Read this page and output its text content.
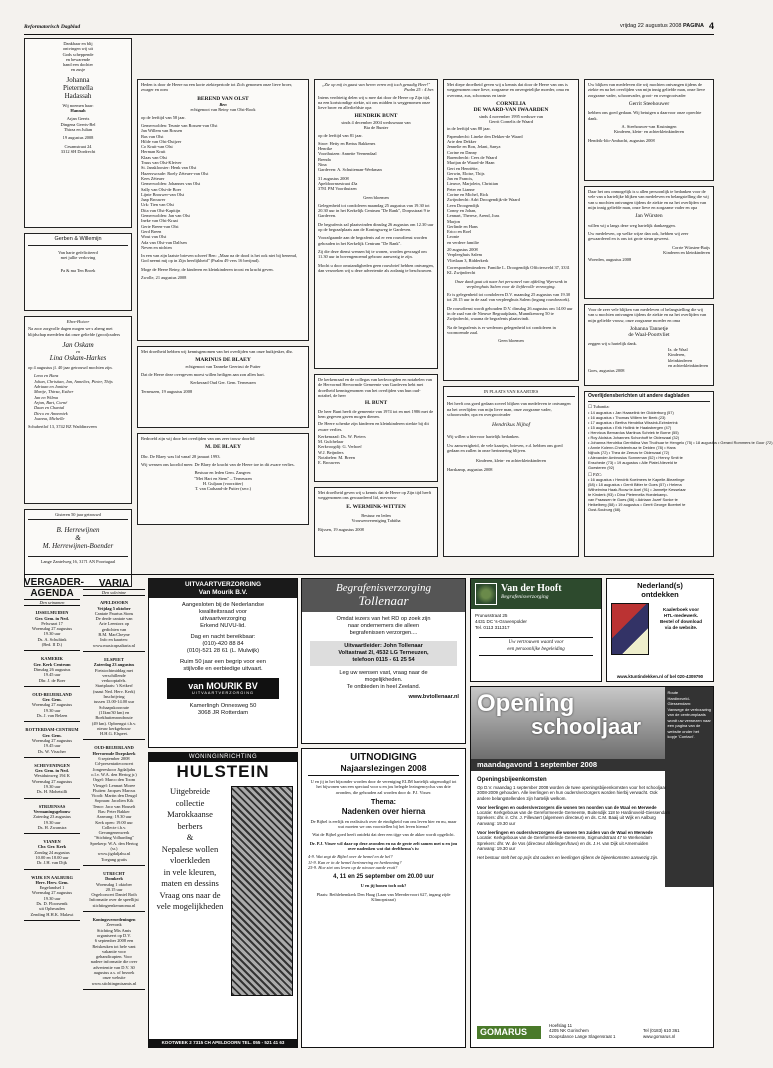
Reformatorisch Dagblad	vrijdag 22 augustus 2008 PAGINA 4
Dankbaar en blij
ontvingen wij uit
Gods scheppende
en bewarende
hand een dochter
en zusje
Johanna
Pieternella
Hadassah
Wij noemen haar:
Hannah
Arjan Geerts
Dingena Geerts-Bel
Thirza en Julian
19 augustus 2008
Cesamstraat 24
3312 SH Dordrecht
Gerben & Willemijn
Van harte gefeliciteerd
met jullie verloving
Pa & ma Ten Broek
Ebex-Hoicer
Na zoor zorgvolle dagen mogen we s abeng met blijdschap meedelen dat onze geliefde (groot)ouders
Jan Oskam
en
Lina Oskam-Harkes
op 4 augustus jl. 40 jaar getrouwd mochten zijn.
Lena en Hans
Johan, Christian, Jan, Annelies, Pieter, Thijs
Adriaan en Jantine
Martje, Thirza, Esther
Jan en Wilma
Arjan, Bart, Corné
Daan en Chantal
Dirco en Annemiek
Joanna, Michelle
Schubertlof 13, 3742 BZ Waddinxveen
Gisteren 50 jaar getrouwd
B. Herrewijnen
&
M. Herrewijnen-Boender
Lange Zantelweg 16, 3171 AN Poortugaal
Heden is door de Heere na een korte ziekteperiode tot Zich genomen onze lieve broer, zwager en oom
BEREND VAN OLST
Ben
echtgenoot van Reiny van Olst-Rook
op de leeftijd van 58 jaar.
Gemerwolden: Teunie van Rossen-van Olst
Jan Willem van Rossen
Bas van Olst
Hilde van Olst-Duijzer
Co Kruit-van Olst
Herman Kruit
Klaas van Olst
Truus van Olst-Kleiver
St. Jansklooster: Henk van Olst
Hazerswoude: Roely Zéteuer-van Olst
Kees Zéteuer
Gemerwolden: Johannes van Olst
Sally van Olst-de Boer
Lijnte Brouwer-van Olst
Jaap Brouwer
Urk: Tien van Olst
Dita van Olst-Kapitijn
Gemerwolden: Jan van Olst
Ineke van Olst-Kraai
Gerie Breen-van Olst
Gerd Breen
Wout van Olst
Ada van Olst-van Dalfsen
Neven en nichten
In een van zijn laatste brieven schreef Ben: „Maar na de dood is het ook niet bij benemd, God neemt mij op in Zijn heerlijkheid" (Psalm 49 vers 16 berijmd).
Moge de Heere Reiny, de kinderen en kleinkinderen troost en kracht geven.
Zwolle, 21 augustus 2008
Met droefheid hebben wij kennisgenomen van het overlijden van onze buikjesker, dhr.
MARINUS DE BLAEY
echtgenoot van Tanneke Geertrui de Putter
Dat de Heere deze overgeven moest willen heiligen aan zon allen hart.
Kerkeraad Oud Ger. Gem. Terneuzen
Terneuzen, 19 augustus 2008
Bedroefd zijn wij door het overlijden van ons zeer trouw doorlid
M. DE BLAEY
Dhr. De Blaey was lid vanaf 28 januari 1993.
Wij wensen ons koorlid meer. De Blaey de kracht van de Heere toe in dit zware verlies.
Bestuur en leden Gem. Zangver.
"Met Hart en Stem" – Terneuzen
H. Guljaan (voorzitter)
T. van Cadsand-de Putter (secr.)
„Zie op mij in gaast van heren veren mij toch genadig Heer!"
Psalm 25 : 4 ber.
Intens verdrietig delen wij u mee dat door de Heere op Zijn tijd, na een kortstondige ziekte, uit ons midden is weggenomen onze lieve broer en allerliefdste opa
HENDRIK BUNT
sinds 4 december 2004 weduwnaar van
Bia de Bunter
op de leeftijd van 81 jaar.
Stroe: Hetty en Bertus Bakkenes
Henrike
Voorthuizen: Annette Veenendaal
Brenda
Nina
Gardeven: A. Schuiteman-Werkman
31 augustus 2008
Apeldoornsestraat 43a
3781 PM Voorthuizen
Geen bloemen
Gelegenheid tot condoleren maandag 25 augustus van 19.30 tot 20.30 uur in het Kerkelijk Centrum "De Rank", Dorpsstraat 9 te Gardeven.
De begrafenis zal plaatsvinden dinsdag 26 augustus om 12.30 uur op de begraafplaats aan de Koningsweg te Gardeven.
Voorafgaande aan de begrafenis zal er een rouwdienst worden gehouden in het Kerkelijk Centrum "De Rank".
Zij die deze dienst wensen bij te wonen, worden gevraagd om 11.30 uur in bovengenoemd gebouw aanwezig te zijn.
Mocht u door omstandigheden geen rouwbrief hebben ontvangen, dan verzoeken wij u deze advertentie als zodanig te beschouwen.
De kerkenraad en de collegas van kerkvoogden en notabelen van de Hervormd Hervormde Gemeente van Gardeven hebt met droefheid kennisgenomen van het overlijden van hun oud-notabel, de heer
H. BUNT
De heer Bunt heeft de gemeente van 1974 tot en met 1986 met de hem gegeven gaven mogen dienen.
De Heere schenke zijn kinderen en kleinkinderen sterkte bij dit zware verlies.
Kerkenraad: Ds. W. Pieters
M. Gulchelaar
Kerkvoogdij: G. Verhoef
W.J. Beijnders
Notabelen: M. Breen
E. Brouwers
Met droefheid geven wij u kennis dat de Heere op Zijn tijd heeft weggenomen ons gewaardeerd lid, mevrouw
E. WERMINK-WITTEN
Bestuur en leden
Vrouwenvereniging Tabitha
Rijssen, 19 augustus 2008
Met diepe droefheid geven wij u kennis dat door de Heere van ons is weggenomen onze lieve, zorgzame en onvergetelijke moeder, oma en overoma, zus, schoonzus en tante
CORNELIA
DE WAARD-VAN IWAARDEN
sinds 4 november 1995 weduwe van
Gerrit Cornelis de Waard
in de leeftijd van 88 jaar.
Papendrecht: Lineke den Dekker-de Waard
Arie den Dekker
Jennelie en Ron, Jelani, Sanya
Corine en Danny
Barendrecht: Cees de Waard
Marijan de Waard-de Haan
Gert en Henriëtte,
Gerwin, Eloise, Thijs
Jan en Francis,
Lieuwe, Marjolein, Christian
Peter en Lianne
Corine en Michel, Rick
Zwijndrecht: Adri Droogendijk-de Waard
Leen Droogendijk
Conny en Johan,
Lennart, Therese, Arend, Joas
Marjon
Gerlinde en Hans
Erico en Roel
Leonie
en verdere familie
20 augustus 2008
Verpleeghuis Salem
Vlietlaan 3, Ridderkerk
Correspondentieadres: Familie L. Droogendijk Officiersveld 37, 3331 KL Zwijndrecht
Onze dank gaat uit naar het personeel van afdeling Wyersenk in verpleeghuis Salem voor de liefdevolle verzorging.
Er is gelegenheid tot condoleren D.V. maandag 25 augustus van 19.30 tot 20.15 uur in de zaal van verpleeghuis Salem (ingang rouwbezoek).
De rouwdienst wordt gehouden D.V. dinsdag 26 augustus om 14.00 uur in de zaal van de Nieuwe Begraafplaats, Munnikenweg 50 te Zwijndrecht, waarna de begrafenis plaatsvindt.
Na de begrafenis is er wederom gelegenheid tot condoleren in voornoemde zaal.
Geen bloemen
IN PLAATS VAN KAARTJES
Het heeft ons goed gedaan zoveel blijken van medeleven te ontvangen na het overlijden van mijn lieve man, onze zorgzame vader, schoonvader, opa en overgrootvader
Hendrikus Nijhof
Wij willen u hiervoor hartelijk bedanken.
Uw aanwezigheid, de vele kaartjes, brieven, e.d. hebben ons goed gedaan en zullen in onze herinnering blijven.
Kinderen, klein- en achterkleinkinderen
Harskamp, augustus 2008
Uw blijken van medeleven die wij mochten ontvangen tijdens de ziekte en na het overlijden van mijn innig geliefde man, onze lieve zorgzame vader, schoonvader, groot- en overgrootvader
Gerrit Steehouwer
hebben ons goed gedaan. Wij betuigen u daarvoor onze oprechte dank.
A. Steehouwer-van Kruiningen
Kinderen, klein- en achterkleinkinderen
Hendrik-Ido-Ambacht, augustus 2008
Daar het ons onmogelijk is u allen persoonlijk te bedanken voor de vele van u hartelijke blijken van medeleven en belangstelling die wij van u mochten ontvangen tijdens de ziekte en na het overlijden van mijn innig geliefde man, onze lieve en zorgzame vader en opa
Jan Würsten
willen wij u langs deze weg hartelijk dankzeggen.
Uw medeleven, op welke wijze dan ook, hebben wij zeer gewaardeerd en is ons tot grote steun geweest.
Corrie Würsten-Buijs
Kinderen en kleinkinderen
Woerden, augustus 2008
Voor de zeer vele blijken van medeleven of belangstelling die wij van u mochten ontvangen tijdens de ziekte en na het overlijden van mijn geliefde vrouw, onze zorgzame moeder en oma
Johanna Tannetje
de Waal-Poortvliet
zeggen wij u hartelijk dank.
Iz. de Waal
Kinderen,
kleinkinderen
en achterkleinkinderen
Goes, augustus 2008
Overlijdensberichten uit andere dagbladen
☐ Tubantia:
• 14 augustus • Jan Haaselink ter Gidderburg (57)
• 16 augustus • Thomas Willem ter Beek (23)
• 17 augustus • Bertha Hendrika Wissink-Ezbrderink
• 15 augustus • Erik Hollink te Haaksbergen (47)
• Henricus Bernardus Martinus Schriek te Borne (55)
• Roy Aloisius Johannes Schonhoff te Oldenzaal (32)
• Johanna Hendrika Gerritdina Van Tholhuar te Hengelo (75) • 18 augustus • Gerard Rommers te Goor (72)
• Annie Kolenn-Christenhusz te Delden (78) • Hans
Nijhuis (72) • Thea de Zeeuw te Oldenzaal (72)
• Alexander Ambrosius Sonneman (52) • Henny Smit te
Enschede (73) • 19 augustus • Alle Platel-Nieveld te
Goesteren (92)
☐ PZC:
• 16 augustus • Hendrik Koelmees te Kapelle-Biezelinge
(58) • 18 augustus • Gerrit Bitter te Goes (57) • Helena
Wilhelmina Haak-Roow te Axel (91) • Jannetje Kesselaar
te Kinderk (93) • Dina Pieternella Hoedekamp-
van Fraassen te Goes (86) • Adriaan Jozef Sonke te
Heikelberg (58) • 19 augustus • Gerrit George Boerbel te
Oost-Souburg (68).
VERGADER-
AGENDA
Den seinamen
IJSSELMUIDEN
Ger. Gem. in Ned.
Pelsvaart 17
Woensdag 27 augustus
19.30 uur
Ds. A. Schultink
(Bed. II D.)
KAMERIK
Ger. Kerk Centrum
Dinsdag 26 augustus
19.45 uur
Dhr. J. de Boer
OUD-BEIJERLAND
Ger. Gem.
Woensdag 27 augustus
19.30 uur
Ds. J. van Belzen
ROTTERDAM-CENTRUM
Ger. Gem.
Woensdag 27 augustus
19.45 uur
Ds. W. Visscher
SCHEVENINGEN
Ger. Gem. in Ned.
Westduinweg 194 K
Woensdag 27 augustus
19.30 uur
Ds. H. Mohetsilli
STRIJENSAS
Vermaningsgebouw
Zaterdag 23 augustus
19.30 uur
Ds. H. Zwanstra
VIANEN
Chr. Ger. Kerk
Zondag 24 augustus
10.00 en 18.00 uur
Dr. J.H. van Dijk
WIJK EN AALBURG
Herv. Herv. Gem.
Engelandsel 1
Woensdag 27 augustus
19.30 uur
Ds. D. Floorsentk
uit Opheusden
Zending H.H.K. Malawi
VARIA
Den soleinine
APELDOORN
Vrijdag 5 oktober
Cantate Paurtus Sions
De derde cantate van
Arie Leentorx op
gedichten van
B.M. MacCheyne
Info en kaarten:
www.musicapsaltaria.nl
ELSPEET
Zaterdag 23 augustus
Fietstochtmiddag met
verschillende
verkooptafels.
Startplaats: 't Keikerf
(naast Ned. Herv. Kerk)
Inschrijving
tussen 13.00-14.00 uur
Schaapskooroute
(11km/30 km) en
Boekhuttenrondroute
(49 km). Opbrengst t.b.v.
nieuw kerkgebouw
H.H.G. Elspeet.
OUD-BEIJERLAND
Hervormde Dorpskerk
6 september 2008
Cd-presentatieconcert
Jongereskoor Jigdaljahu
o.l.v. W.A. den Hertog jr.)
Orgel: Marco den Toom
Vleugel: Lennart Moree
Fluiten: Jacques Marcus
Vioolt: Martin den Deugd
Sopraan: Jacolien Kik
Tenor: Jaco van Houselt
Bas: Peter Bakker
Aanvang: 19.30 uur
Kerk open: 19.00 uur
Collecte t.b.v.
Gevangenenwerk
"Stichting Volharding"
Sprekerp: W.A. den Hertog
(sr.)
www.jigdaljahu.nl
Toegang gratis
UTRECHT
Domkerk
Woensdag 1 oktober
20.15 uur
Orgelconcert Daniel Roth
Informatie over de speellijst
stichtingrenkerunoma.nl
Koningsverordeningen
Zeevonk
Stichting Mis Amis
organiseert op D.V.
6 september 2008 een
Reiskeuken tot hele vant
vakantie voor
gehandicapten. Voor
nadere informatie die over
advertentie van D.V. 30
augustus a.s. of bezoek
onze website
www.stichtingmisamis.nl
UITVAARTVERZORGING
Van Mourik B.V.
Aangesloten bij de Nederlandse
kwaliteitsraad voor
uitvaartverzorging
Erkend NUVU-lid.
Dag en nacht bereikbaar:
(010)-420 88 84
(010)-521 28 61 (L. Mulwijk)
Ruim 50 jaar een begrip voor een
stijlvolle en eerbiedige uitvaart.
van MOURIK BV
UITVAARTVERZORGING
Kamerlingh Onnesweg 50
3068 JR Rotterdam
WONINGINRICHTING
HULSTEIN
Uitgebreide
collectie
Marokkaanse
berbers
&
Nepalese wollen
vloerkleden
in vele kleuren,
maten en dessins
Vraag ons naar de
vele mogelijkheden
KOOTWEEK 2 7315 CH APELDOORN TEL. 055 - 521 41 63
Begrafenisverzorging
Tollenaar
Omdat iezers van het RD op zoek zijn
naar ondernemers die alleen
begrafenissen verzorgen....
Uitvaartleider: John Tollenaar
Voltastraat 2l, 4532 LG Terneuzen,
telefoon 0115 - 61 25 54
Leg uw wensen vast, vraag naar de
mogelijkheden.
Te ontbieden in heel Zeeland.
www.bvtollenaar.nl
UITNODIGING
Najaarslezingen 2008
U en jij in het bijzonder worden door de vereniging ELIM hartelijk uitgenodigd tot het bijwonen van een speciaal voor u en jou belegde lezingencyclus van drie avonden, die gehouden zal worden door dr. P.J. Visser.
Thema:
Nadenken over hierna
De Bijbel is eerlijk en realistisch over de eindigheid van ons leven hier en nu, maar wat moeten we ons voorstellen bij het leven hierna?
Wat de Bijbel goed heeft ontdekt dat deer een tijge van de akker wordt opgelicht.
Dr. P.J. Visser wil daar op deze avonden en na de grote zelt samen met u en jou over nadenken wat dat deelthema's is:
4-9. Wat zegt de Bijbel over de hemel en de hel?
11-9. Kan er in de hemel herinnering en herkenning?
25-9. Hoe ziet ons leven op de nieuwe aarde eruit?
4, 11 en 25 september om 20.00 uur
U en jij bonen toch ook?
Plaats: Bethlehemkerk Den Haag (Laan van Meerdervoort 627, ingang zijde Klimopstraat)
Van der Hooft
Begrafenisverzorging
Prunusstraat 25
4431 DC 's-Gravenpolder
Tel. 0113 311317
Uw vertrouwen waard voor
een persoonlijke begeleiding
Nederland(s)
ontdekken
Kaalerboek voor
HTL-medewerk.
Bestel of download
via de website.
www.ktuntindekken.nl of bel 020-4309790
Opening
schooljaar
Route
Hardinxveld-
Giessendam:
Vanwege de verbouwing
van de centrumplaats
wordt uw verwezen naar
een pagina van de
website onder het
kopje 'Contact'.
maandagavond 1 september 2008
Openingsbijeenkomsten
Op D.V. maandag 1 september 2008 worden de twee openingsbijeenkomsten voor het schooljaar 2008-2009 gehouden. Alle leerlingen en hun ouders/verzorgers worden hierbij verwacht. Ook andere belangstellenden zijn hartelijk welkom.
Voor leerlingen en ouders/verzorgers die wonen ten noorden van de Waal en Merwede
Locatie: Kerkgebouw van de Gereformeerde Gemeente, Buitendijk 118 te Hardinxveld-Giessendam
Sprekers: dhr. ir. Chr. J. Fillevaert (algemeen directeur) en ds. C.M. Baaij uit Wijk en Aalburg
Aanvang: 19.30 uur
Voor leerlingen en ouders/verzorgers die wonen ten zuiden van de Waal en Merwede
Locatie: Kerkgebouw van de Gereformeerde Gemeente, Sigmundstraat 47 te Werkendam
Sprekers: dhr. W. de Vos (directeur afdelingen/havo) en ds. J.H. van Dijk uit Arnemuiden
Aanvang: 19.30 uur
Het bestuur stelt het op prijs dat ouders en leerlingen tijdens de bijeenkomsten aanwezig zijn.
GOMARUS
Hoefslag 11
4205 NK Gorinchem
Doopsdance Lange Slagensraat 1
Tel (0183) 610 361
www.gomarus.nl
